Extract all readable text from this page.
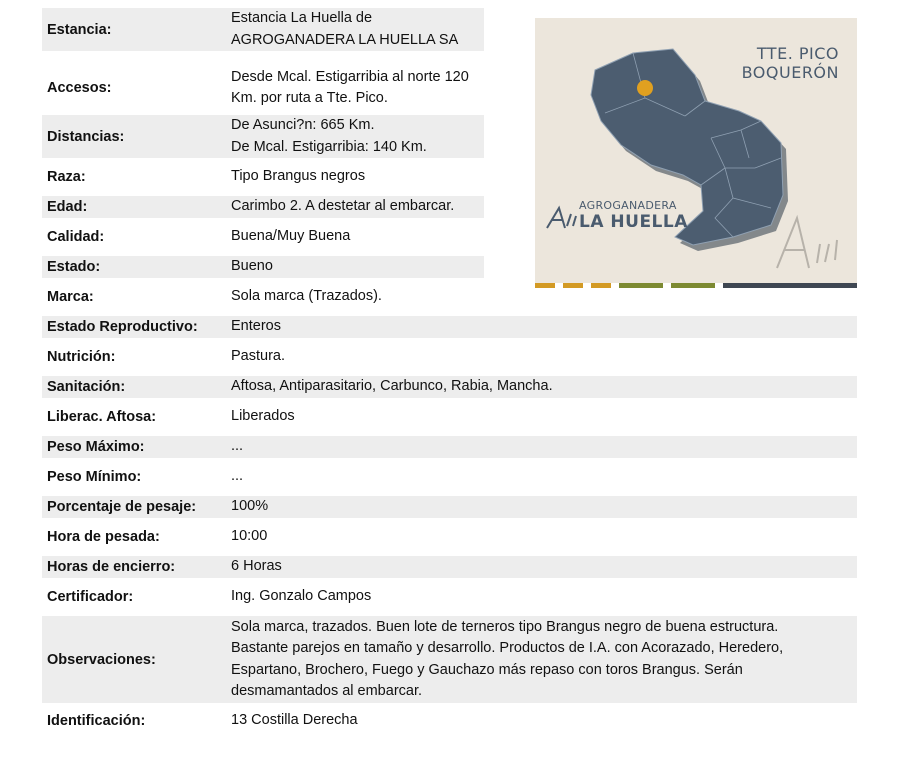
Estancia:
Estancia La Huella de
AGROGANADERA LA HUELLA SA
Accesos:
Desde Mcal. Estigarribia al norte 120
Km. por ruta a Tte. Pico.
Distancias:
De Asunci?n: 665 Km.
De Mcal. Estigarribia: 140 Km.
Raza:	Tipo Brangus negros
Edad:	Carimbo 2. A destetar al embarcar.
Calidad:	Buena/Muy Buena
Estado:	Bueno
Marca:	Sola marca (Trazados).
Estado Reproductivo: Enteros
Nutrición:	Pastura.
Sanitación:	Aftosa, Antiparasitario, Carbunco, Rabia, Mancha.
Liberac. Aftosa:	Liberados
Peso Máximo:	...
Peso Mínimo:	...
Porcentaje de pesaje: 100%
Hora de pesada:	10:00
Horas de encierro:	6 Horas
Certificador:	Ing. Gonzalo Campos
Observaciones:
Sola marca, trazados. Buen lote de terneros tipo Brangus negro de buena estructura.
Bastante parejos en tamaño y desarrollo. Productos de I.A. con Acorazado, Heredero,
Espartano, Brochero, Fuego y Gauchazo más repaso con toros Brangus. Serán
desmamantados al embarcar.
Identificación:	13 Costilla Derecha
TTE. PICO
BOQUERÓN
AGROGANADERA
LA HUELLA
